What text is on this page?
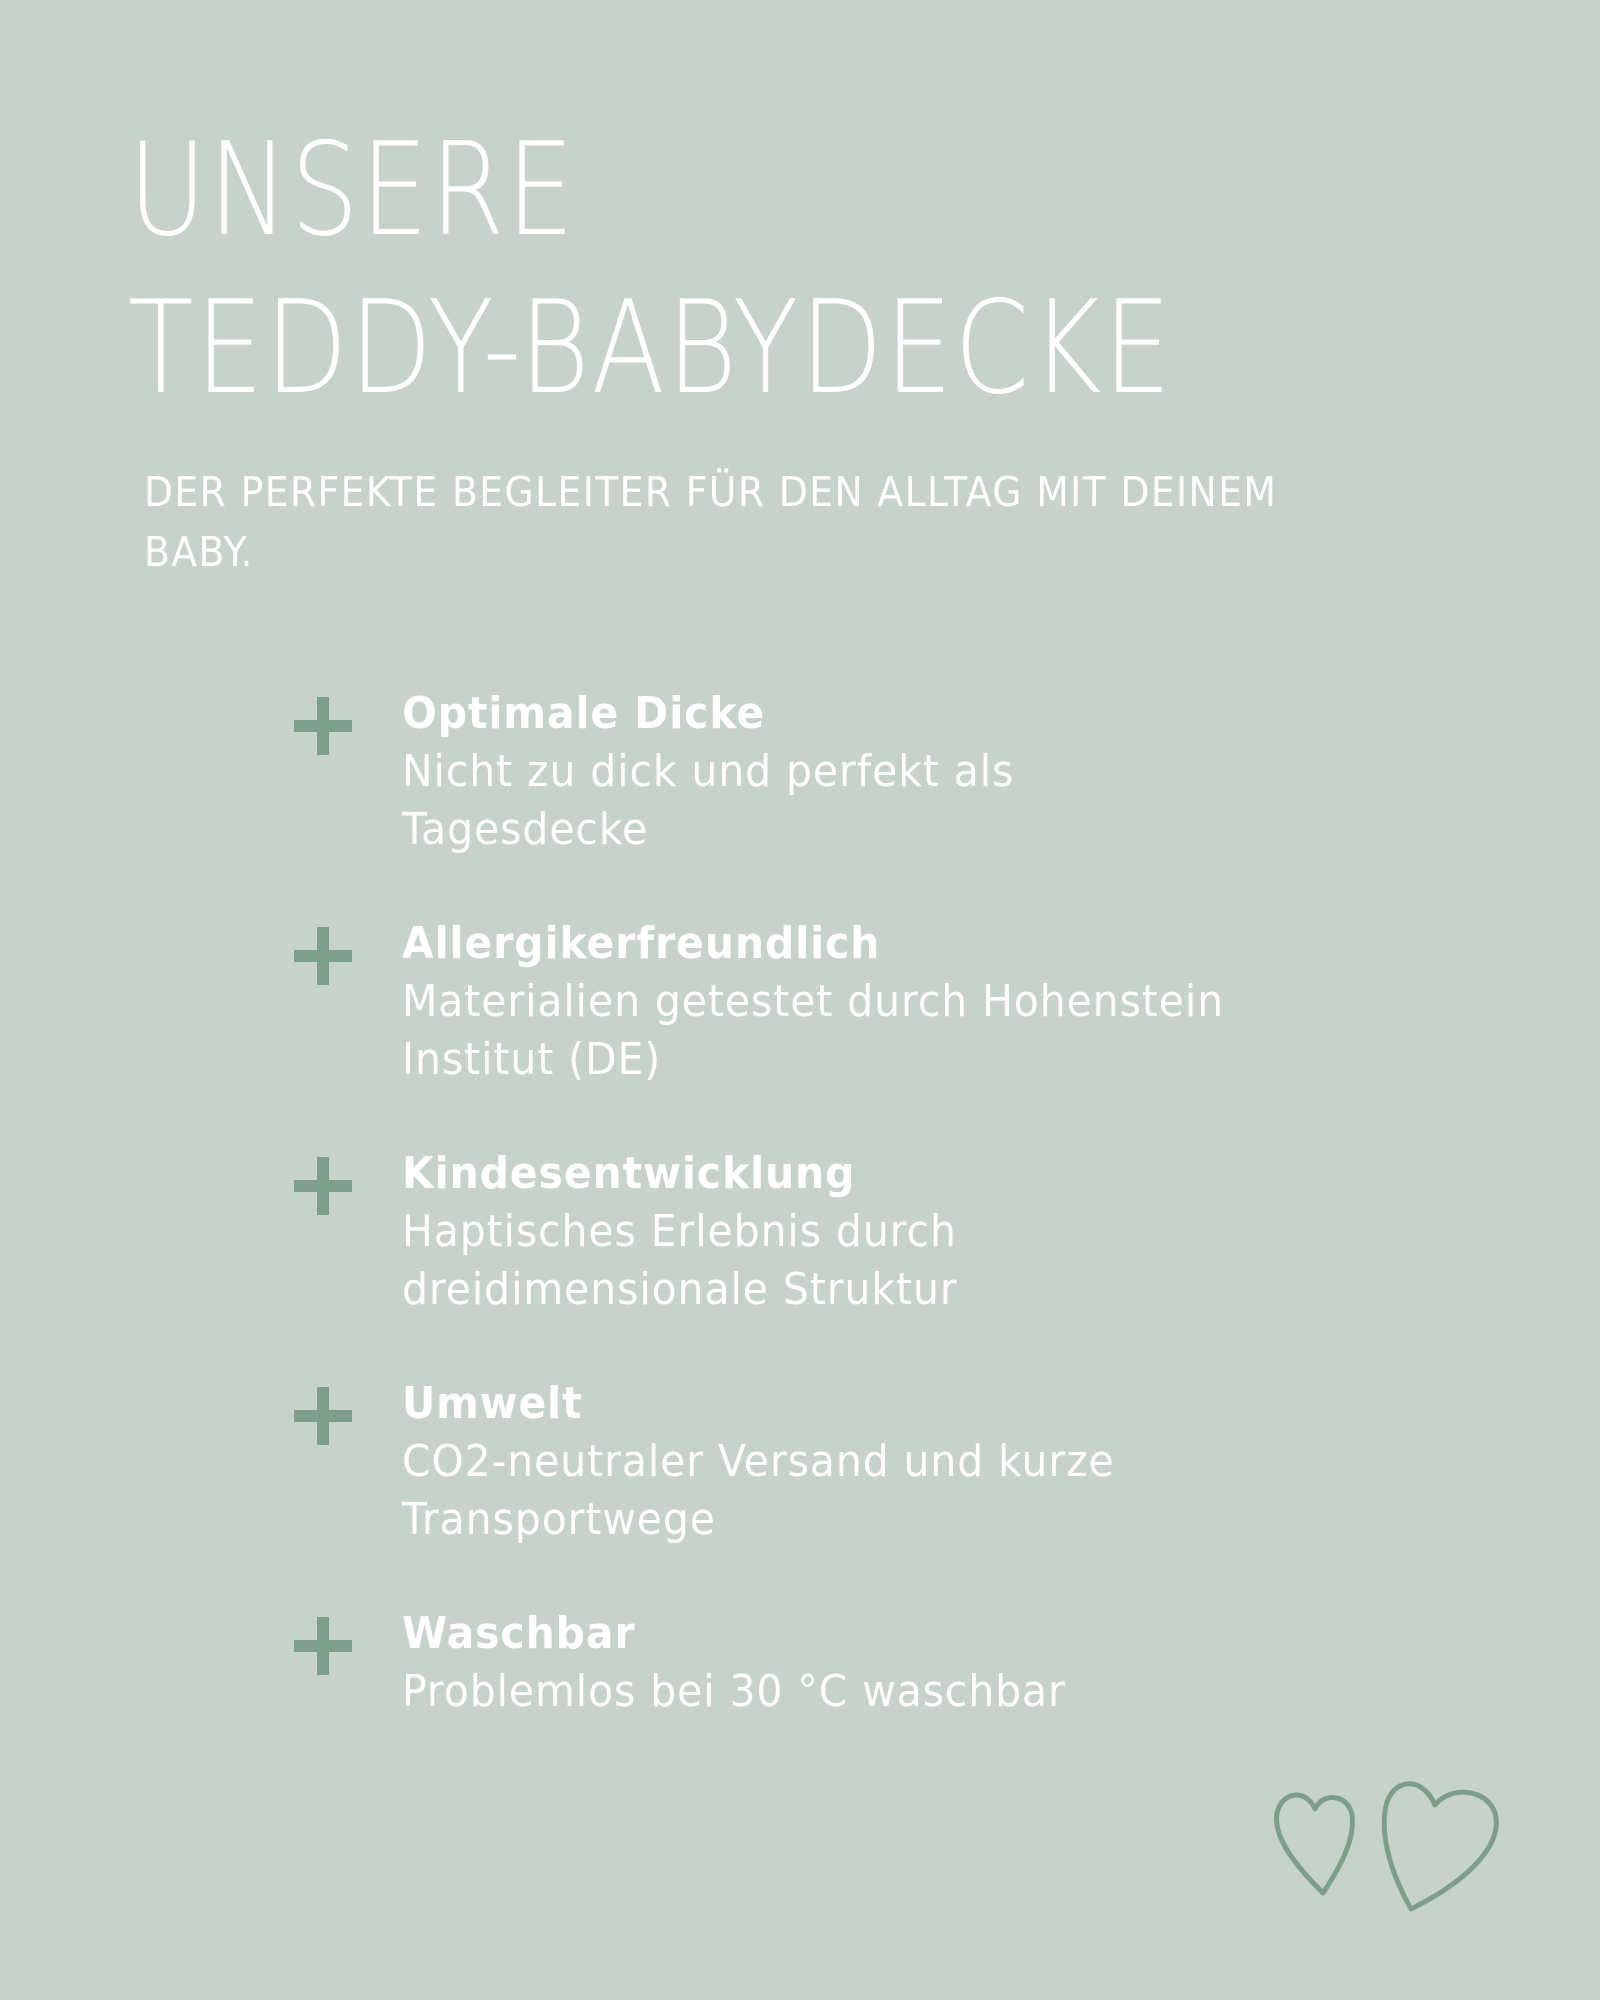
UNSERE
TEDDY-BABYDECKE

DER PERFEKTE BEGLEITER FÜR DEN ALLTAG MIT DEINEM BABY.

Optimale Dicke
Nicht zu dick und perfekt als
Tagesdecke
Allergikerfreundlich
Materialien getestet durch Hohenstein
Institut (DE)
Kindesentwicklung
Haptisches Erlebnis durch
dreidimensionale Struktur
Umwelt
CO2-neutraler Versand und kurze
Transportwege
Waschbar
Problemlos bei 30 °C waschbar
